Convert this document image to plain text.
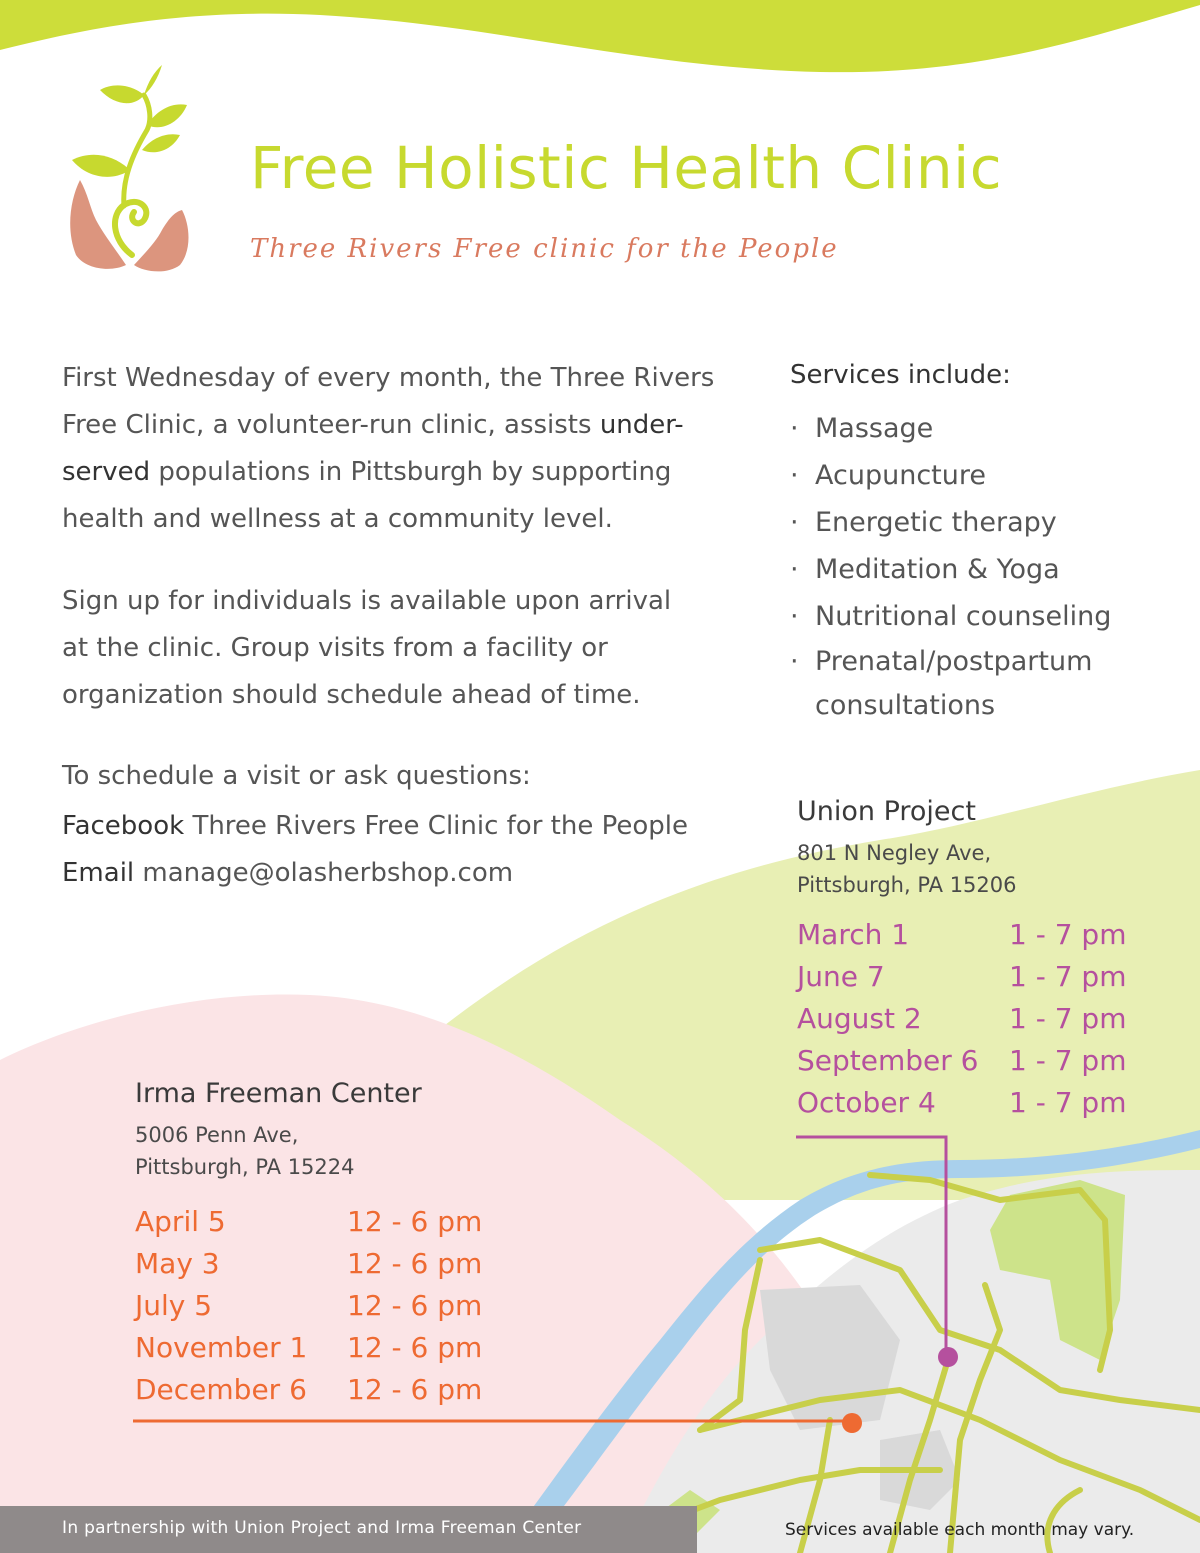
Free Holistic Health Clinic
Three Rivers Free clinic for the People
First Wednesday of every month, the Three Rivers Free Clinic, a volunteer-run clinic, assists under-served populations in Pittsburgh by supporting health and wellness at a community level.
Sign up for individuals is available upon arrival at the clinic. Group visits from a facility or organization should schedule ahead of time.
To schedule a visit or ask questions:
Facebook Three Rivers Free Clinic for the People
Email manage@olasherbshop.com
Services include:
· Massage
· Acupuncture
· Energetic therapy
· Meditation & Yoga
· Nutritional counseling
· Prenatal/postpartum consultations
Union Project
801 N Negley Ave,
Pittsburgh, PA 15206
March 1	1 - 7 pm
June 7	1 - 7 pm
August 2	1 - 7 pm
September 6 1 - 7 pm
October 4	1 - 7 pm
Irma Freeman Center
5006 Penn Ave,
Pittsburgh, PA 15224
April 5	12 - 6 pm
May 3	12 - 6 pm
July 5	12 - 6 pm
November 1 12 - 6 pm
December 6 12 - 6 pm
In partnership with Union Project and Irma Freeman Center	Services available each month may vary.
